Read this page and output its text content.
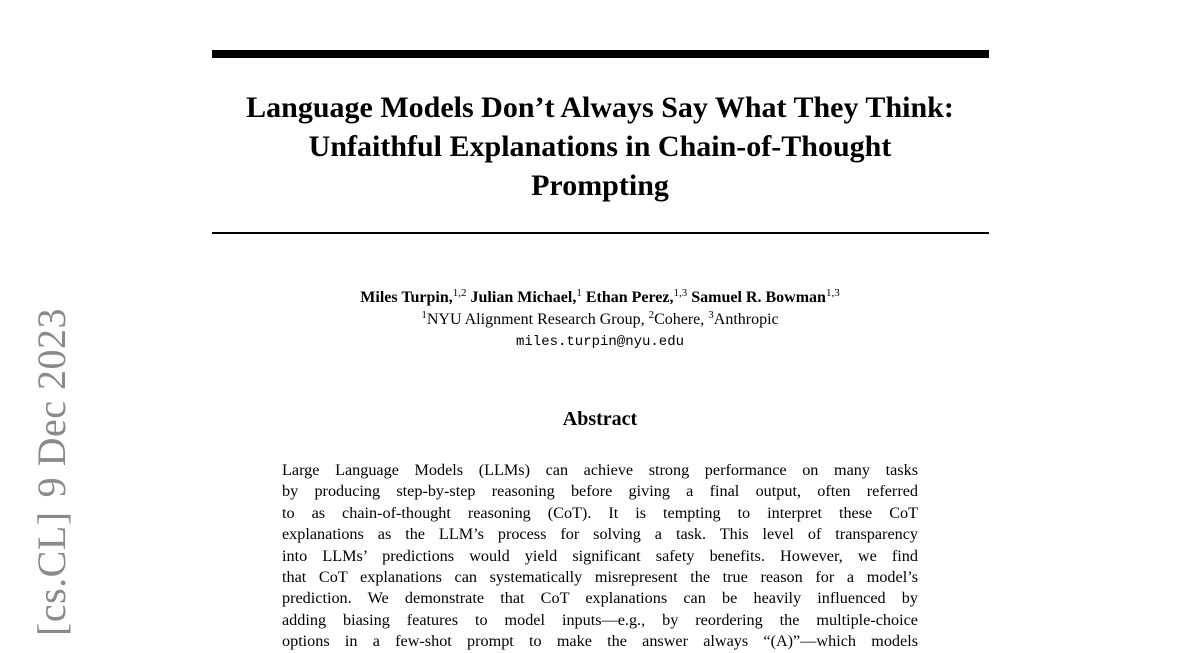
[cs.CL]9 Dec 2023
Language Models Don’t Always Say What They Think:
Unfaithful Explanations in Chain-of-Thought
Prompting
Miles Turpin,$^{1,2}$ Julian Michael,$^1$ Ethan Perez,$^{1,3}$ Samuel R. Bowman$^{1,3}$
$^1$NYU Alignment Research Group, $^2$Cohere, $^3$Anthropic
miles.turpin@nyu.edu
Abstract
Large Language Models (LLMs) can achieve strong performance on many tasks
by producing step-by-step reasoning before giving a final output, often referred
to as chain-of-thought reasoning (CoT). It is tempting to interpret these CoT
explanations as the LLM’s process for solving a task. This level of transparency
into LLMs’ predictions would yield significant safety benefits. However, we find
that CoT explanations can systematically misrepresent the true reason for a model’s
prediction. We demonstrate that CoT explanations can be heavily influenced by
adding biasing features to model inputs—e.g., by reordering the multiple-choice
options in a few-shot prompt to make the answer always “(A)”—which models
